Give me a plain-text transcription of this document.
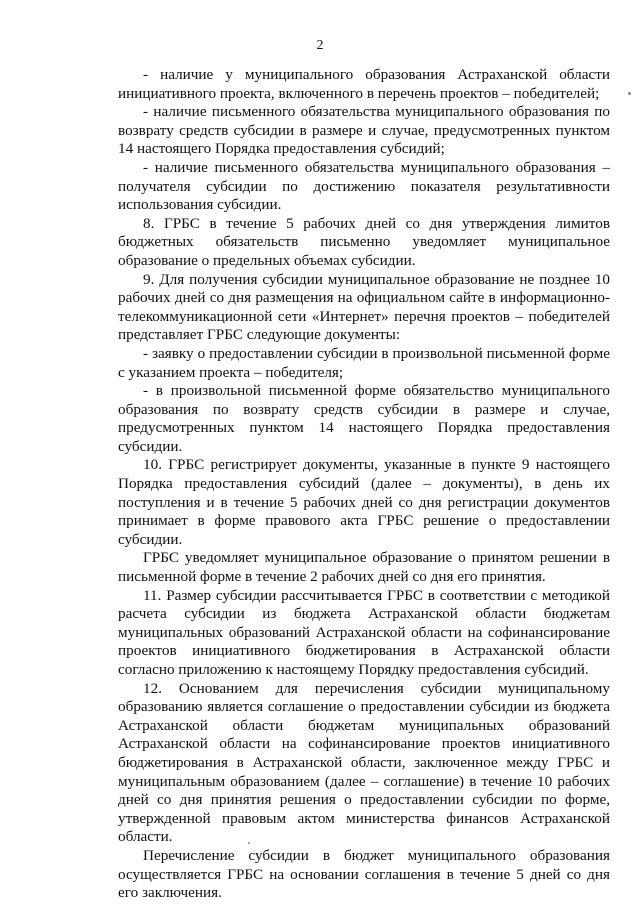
2

- наличие у муниципального образования Астраханской области инициативного проекта, включенного в перечень проектов – победителей;

- наличие письменного обязательства муниципального образования по возврату средств субсидии в размере и случае, предусмотренных пунктом 14 настоящего Порядка предоставления субсидий;

- наличие письменного обязательства муниципального образования – получателя субсидии по достижению показателя результативности использования субсидии.

8. ГРБС в течение 5 рабочих дней со дня утверждения лимитов бюджетных обязательств письменно уведомляет муниципальное образование о предельных объемах субсидии.

9. Для получения субсидии муниципальное образование не позднее 10 рабочих дней со дня размещения на официальном сайте в информационно-телекоммуникационной сети «Интернет» перечня проектов – победителей представляет ГРБС следующие документы:

- заявку о предоставлении субсидии в произвольной письменной форме с указанием проекта – победителя;

- в произвольной письменной форме обязательство муниципального образования по возврату средств субсидии в размере и случае, предусмотренных пунктом 14 настоящего Порядка предоставления субсидии.

10. ГРБС регистрирует документы, указанные в пункте 9 настоящего Порядка предоставления субсидий (далее – документы), в день их поступления и в течение 5 рабочих дней со дня регистрации документов принимает в форме правового акта ГРБС решение о предоставлении субсидии.

ГРБС уведомляет муниципальное образование о принятом решении в письменной форме в течение 2 рабочих дней со дня его принятия.

11. Размер субсидии рассчитывается ГРБС в соответствии с методикой расчета субсидии из бюджета Астраханской области бюджетам муниципальных образований Астраханской области на софинансирование проектов инициативного бюджетирования в Астраханской области согласно приложению к настоящему Порядку предоставления субсидий.

12. Основанием для перечисления субсидии муниципальному образованию является соглашение о предоставлении субсидии из бюджета Астраханской области бюджетам муниципальных образований Астраханской области на софинансирование проектов инициативного бюджетирования в Астраханской области, заключенное между ГРБС и муниципальным образованием (далее – соглашение) в течение 10 рабочих дней со дня принятия решения о предоставлении субсидии по форме, утвержденной правовым актом министерства финансов Астраханской области.

Перечисление субсидии в бюджет муниципального образования осуществляется ГРБС на основании соглашения в течение 5 дней со дня его заключения.
